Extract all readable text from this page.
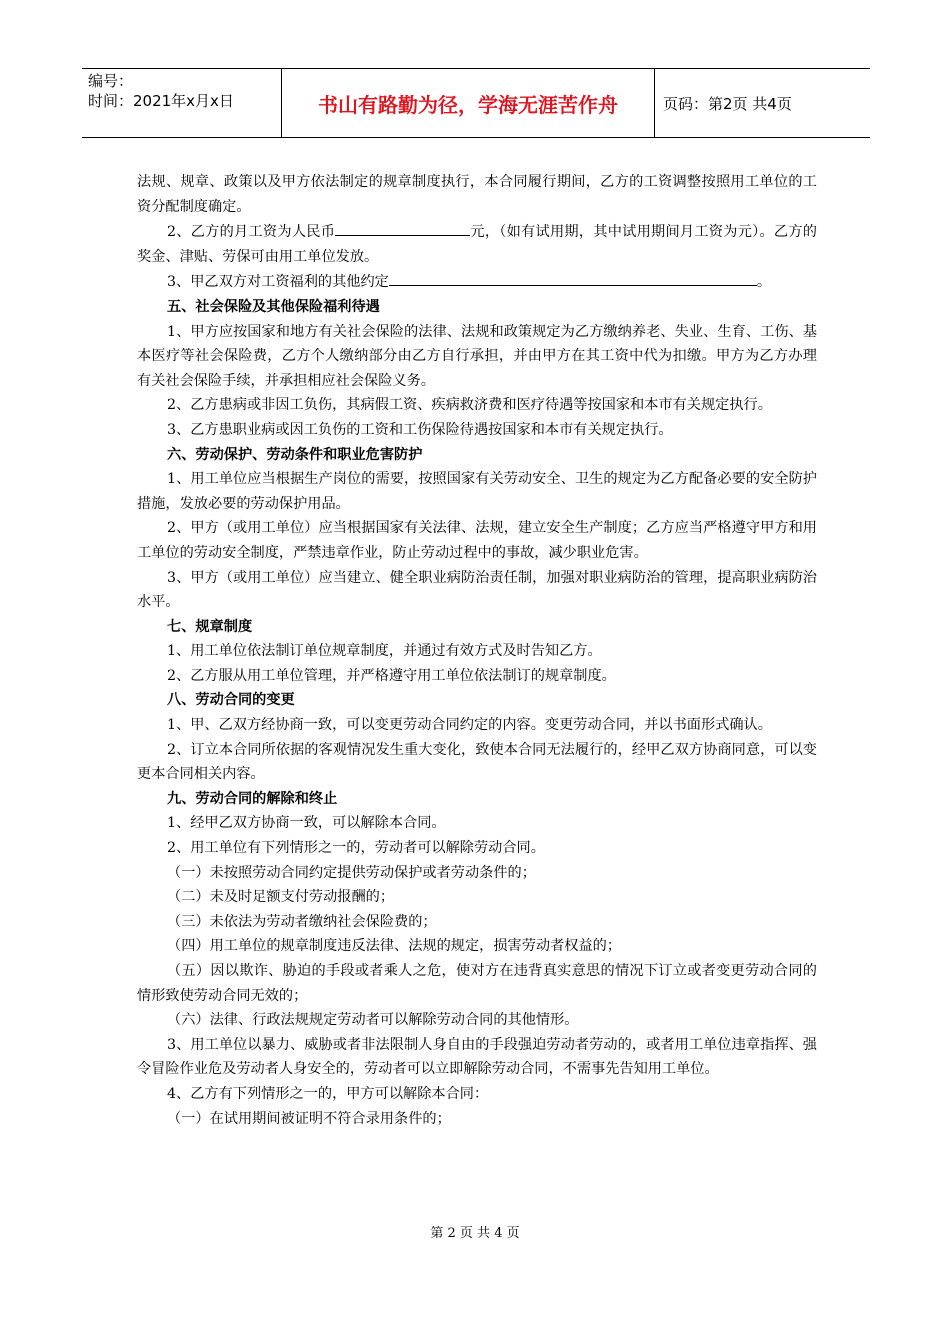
编号：
时间：2021年x月x日	书山有路勤为径，学海无涯苦作舟	页码：第2页 共4页

法规、规章、政策以及甲方依法制定的规章制度执行，本合同履行期间，乙方的工资调整按照用工单位的工资分配制度确定。

2、乙方的月工资为人民币	元，（如有试用期，其中试用期间月工资为元）。乙方的奖金、津贴、劳保可由用工单位发放。

3、甲乙双方对工资福利的其他约定	。

五、社会保险及其他保险福利待遇

1、甲方应按国家和地方有关社会保险的法律、法规和政策规定为乙方缴纳养老、失业、生育、工伤、基本医疗等社会保险费，乙方个人缴纳部分由乙方自行承担，并由甲方在其工资中代为扣缴。甲方为乙方办理有关社会保险手续，并承担相应社会保险义务。

2、乙方患病或非因工负伤，其病假工资、疾病救济费和医疗待遇等按国家和本市有关规定执行。

3、乙方患职业病或因工负伤的工资和工伤保险待遇按国家和本市有关规定执行。

六、劳动保护、劳动条件和职业危害防护

1、用工单位应当根据生产岗位的需要，按照国家有关劳动安全、卫生的规定为乙方配备必要的安全防护措施，发放必要的劳动保护用品。

2、甲方（或用工单位）应当根据国家有关法律、法规，建立安全生产制度；乙方应当严格遵守甲方和用工单位的劳动安全制度，严禁违章作业，防止劳动过程中的事故，减少职业危害。

3、甲方（或用工单位）应当建立、健全职业病防治责任制，加强对职业病防治的管理，提高职业病防治水平。

七、规章制度

1、用工单位依法制订单位规章制度，并通过有效方式及时告知乙方。

2、乙方服从用工单位管理，并严格遵守用工单位依法制订的规章制度。

八、劳动合同的变更

1、甲、乙双方经协商一致，可以变更劳动合同约定的内容。变更劳动合同，并以书面形式确认。

2、订立本合同所依据的客观情况发生重大变化，致使本合同无法履行的，经甲乙双方协商同意，可以变更本合同相关内容。

九、劳动合同的解除和终止

1、经甲乙双方协商一致，可以解除本合同。

2、用工单位有下列情形之一的，劳动者可以解除劳动合同。

（一）未按照劳动合同约定提供劳动保护或者劳动条件的；

（二）未及时足额支付劳动报酬的；

（三）未依法为劳动者缴纳社会保险费的；

（四）用工单位的规章制度违反法律、法规的规定，损害劳动者权益的；

（五）因以欺诈、胁迫的手段或者乘人之危，使对方在违背真实意思的情况下订立或者变更劳动合同的情形致使劳动合同无效的；

（六）法律、行政法规规定劳动者可以解除劳动合同的其他情形。

3、用工单位以暴力、威胁或者非法限制人身自由的手段强迫劳动者劳动的，或者用工单位违章指挥、强令冒险作业危及劳动者人身安全的，劳动者可以立即解除劳动合同，不需事先告知用工单位。

4、乙方有下列情形之一的，甲方可以解除本合同：

（一）在试用期间被证明不符合录用条件的；

第 2 页 共 4 页
